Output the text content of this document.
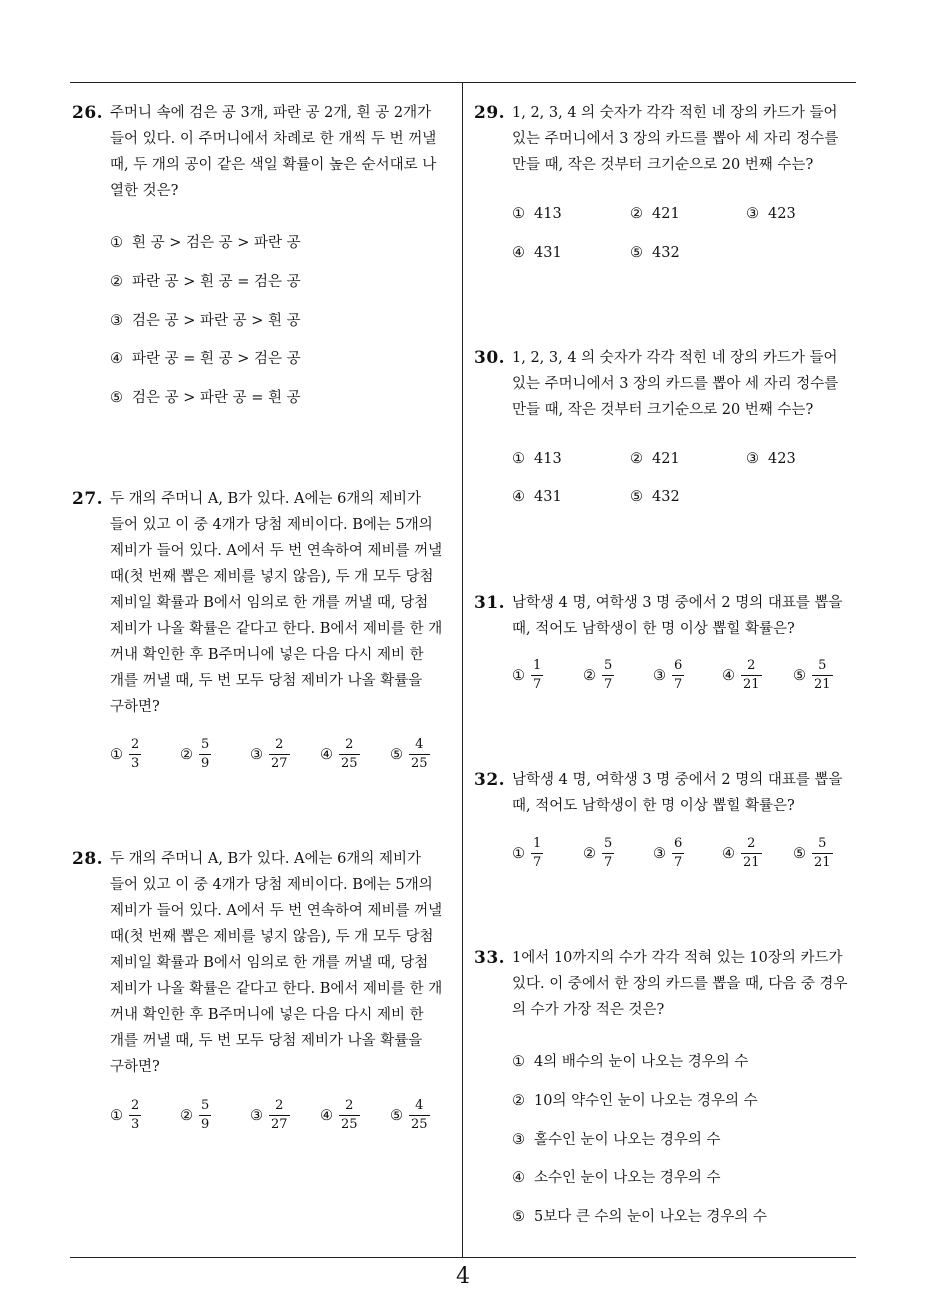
26. 주머니 속에 검은 공 3개, 파란 공 2개, 흰 공 2개가
들어 있다. 이 주머니에서 차례로 한 개씩 두 번 꺼낼
때, 두 개의 공이 같은 색일 확률이 높은 순서대로 나
열한 것은?
① 흰 공 > 검은 공 > 파란 공
② 파란 공 > 흰 공 = 검은 공
③ 검은 공 > 파란 공 > 흰 공
④ 파란 공 = 흰 공 > 검은 공
⑤ 검은 공 > 파란 공 = 흰 공
27. 두 개의 주머니 A, B가 있다. A에는 6개의 제비가
들어 있고 이 중 4개가 당첨 제비이다. B에는 5개의
제비가 들어 있다. A에서 두 번 연속하여 제비를 꺼낼
때(첫 번째 뽑은 제비를 넣지 않음), 두 개 모두 당첨
제비일 확률과 B에서 임의로 한 개를 꺼낼 때, 당첨
제비가 나올 확률은 같다고 한다. B에서 제비를 한 개
꺼내 확인한 후 B주머니에 넣은 다음 다시 제비 한
개를 꺼낼 때, 두 번 모두 당첨 제비가 나올 확률을
구하면?
① $\frac{2}{3}$	② $\frac{5}{9}$	③ $\frac{2}{27}$ ④ $\frac{2}{25}$ ⑤ $\frac{4}{25}$
28. 두 개의 주머니 A, B가 있다. A에는 6개의 제비가
들어 있고 이 중 4개가 당첨 제비이다. B에는 5개의
제비가 들어 있다. A에서 두 번 연속하여 제비를 꺼낼
때(첫 번째 뽑은 제비를 넣지 않음), 두 개 모두 당첨
제비일 확률과 B에서 임의로 한 개를 꺼낼 때, 당첨
제비가 나올 확률은 같다고 한다. B에서 제비를 한 개
꺼내 확인한 후 B주머니에 넣은 다음 다시 제비 한
개를 꺼낼 때, 두 번 모두 당첨 제비가 나올 확률을
구하면?
① $\frac{2}{3}$	② $\frac{5}{9}$	③ $\frac{2}{27}$ ④ $\frac{2}{25}$ ⑤ $\frac{4}{25}$
29. 1, 2, 3, 4 의 숫자가 각각 적힌 네 장의 카드가 들어
있는 주머니에서 3 장의 카드를 뽑아 세 자리 정수를
만들 때, 작은 것부터 크기순으로 20 번째 수는?
① 413	② 421	③ 423
④ 431	⑤ 432
30. 1, 2, 3, 4 의 숫자가 각각 적힌 네 장의 카드가 들어
있는 주머니에서 3 장의 카드를 뽑아 세 자리 정수를
만들 때, 작은 것부터 크기순으로 20 번째 수는?
① 413	② 421	③ 423
④ 431	⑤ 432
31. 남학생 4 명, 여학생 3 명 중에서 2 명의 대표를 뽑을
때, 적어도 남학생이 한 명 이상 뽑힐 확률은?
① $\frac{1}{7}$	② $\frac{5}{7}$	③ $\frac{6}{7}$	④ $\frac{2}{21}$ ⑤ $\frac{5}{21}$
32. 남학생 4 명, 여학생 3 명 중에서 2 명의 대표를 뽑을
때, 적어도 남학생이 한 명 이상 뽑힐 확률은?
① $\frac{1}{7}$	② $\frac{5}{7}$	③ $\frac{6}{7}$	④ $\frac{2}{21}$ ⑤ $\frac{5}{21}$
33. 1에서 10까지의 수가 각각 적혀 있는 10장의 카드가
있다. 이 중에서 한 장의 카드를 뽑을 때, 다음 중 경우
의 수가 가장 적은 것은?
① 4의 배수의 눈이 나오는 경우의 수
② 10의 약수인 눈이 나오는 경우의 수
③ 홀수인 눈이 나오는 경우의 수
④ 소수인 눈이 나오는 경우의 수
⑤ 5보다 큰 수의 눈이 나오는 경우의 수
4
